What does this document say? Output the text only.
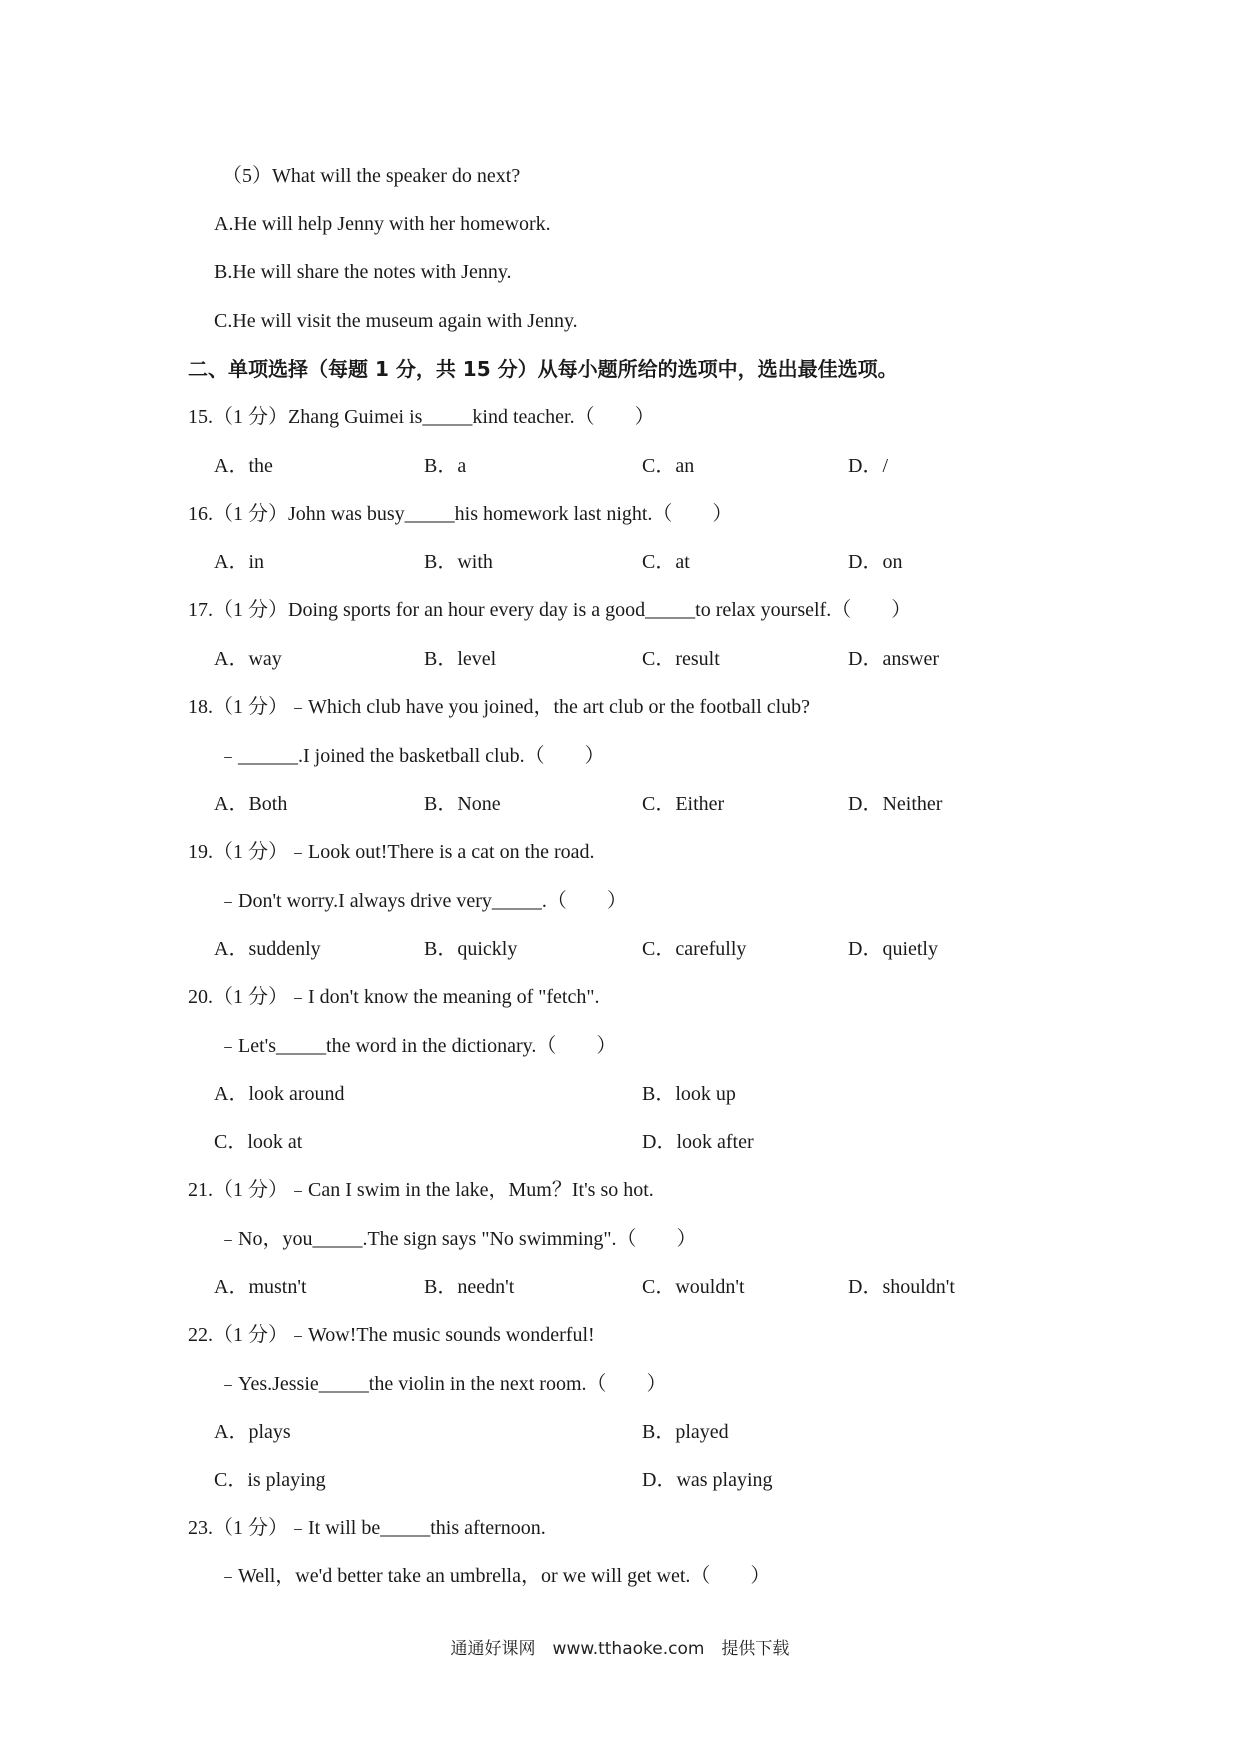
（5）What will the speaker do next?
A.He will help Jenny with her homework.
B.He will share the notes with Jenny.
C.He will visit the museum again with Jenny.
二、单项选择（每题 1 分，共 15 分）从每小题所给的选项中，选出最佳选项。
15.（1 分）Zhang Guimei is_____kind teacher.（　　）
A．the	B．a	C．an	D．/
16.（1 分）John was busy_____his homework last night.（　　）
A．in	B．with	C．at	D．on
17.（1 分）Doing sports for an hour every day is a good_____to relax yourself.（　　）
A．way	B．level	C．result	D．answer
18.（1 分）﹣Which club have you joined，the art club or the football club?
﹣______.I joined the basketball club.（　　）
A．Both	B．None	C．Either	D．Neither
19.（1 分）﹣Look out!There is a cat on the road.
﹣Don't worry.I always drive very_____.（　　）
A．suddenly	B．quickly	C．carefully	D．quietly
20.（1 分）﹣I don't know the meaning of "fetch".
﹣Let's_____the word in the dictionary.（　　）
A．look around	B．look up
C．look at	D．look after
21.（1 分）﹣Can I swim in the lake，Mum？It's so hot.
﹣No，you_____.The sign says "No swimming".（　　）
A．mustn't	B．needn't	C．wouldn't	D．shouldn't
22.（1 分）﹣Wow!The music sounds wonderful!
﹣Yes.Jessie_____the violin in the next room.（　　）
A．plays	B．played
C．is playing	D．was playing
23.（1 分）﹣It will be_____this afternoon.
﹣Well，we'd better take an umbrella，or we will get wet.（　　）
通通好课网　www.tthaoke.com　提供下载
